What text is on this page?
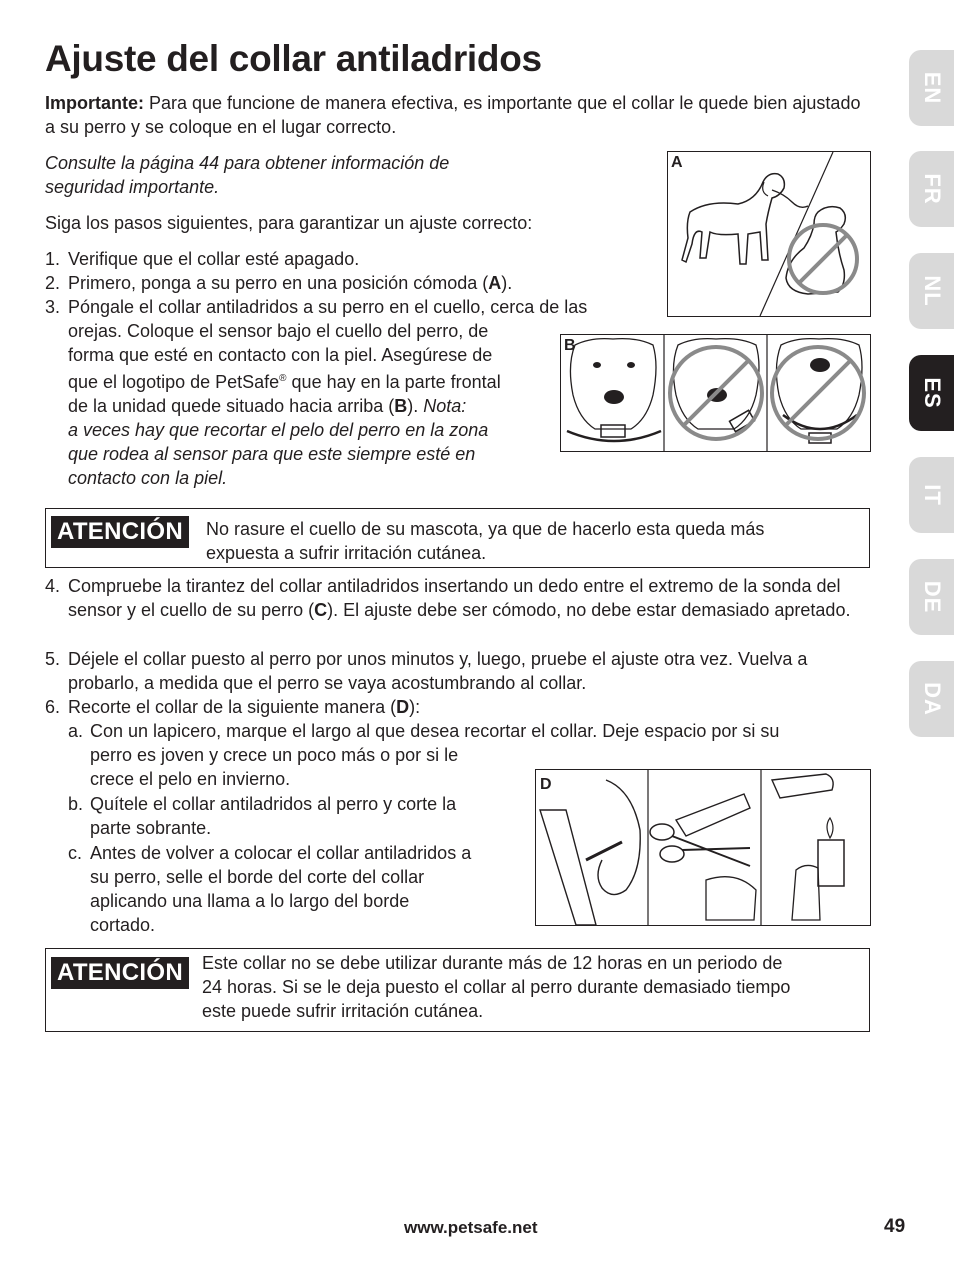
Ajuste del collar antiladridos
Importante: Para que funcione de manera efectiva, es importante que el collar le quede bien ajustado a su perro y se coloque en el lugar correcto.
Consulte la página 44 para obtener información de seguridad importante.
Siga los pasos siguientes, para garantizar un ajuste correcto:
1. Verifique que el collar esté apagado.
2. Primero, ponga a su perro en una posición cómoda (A).
3. Póngale el collar antiladridos a su perro en el cuello, cerca de las
orejas. Coloque el sensor bajo el cuello del perro, de
forma que esté en contacto con la piel. Asegúrese de
que el logotipo de PetSafe® que hay en la parte frontal
de la unidad quede situado hacia arriba (B). Nota:
a veces hay que recortar el pelo del perro en la zona
que rodea al sensor para que este siempre esté en
contacto con la piel.
A
B
ATENCIÓN	No rasure el cuello de su mascota, ya que de hacerlo esta queda más
expuesta a sufrir irritación cutánea.
4. Compruebe la tirantez del collar antiladridos insertando un dedo entre el extremo de la sonda del sensor y el cuello de su perro (C). El ajuste debe ser cómodo, no debe estar demasiado apretado.
5. Déjele el collar puesto al perro por unos minutos y, luego, pruebe el ajuste otra vez. Vuelva a probarlo, a medida que el perro se vaya acostumbrando al collar.
6. Recorte el collar de la siguiente manera (D):
a. Con un lapicero, marque el largo al que desea recortar el collar. Deje espacio por si su
perro es joven y crece un poco más o por si le
crece el pelo en invierno.
b. Quítele el collar antiladridos al perro y corte la
parte sobrante.
c. Antes de volver a colocar el collar antiladridos a
su perro, selle el borde del corte del collar
aplicando una llama a lo largo del borde
cortado.
D
ATENCIÓN	Este collar no se debe utilizar durante más de 12 horas en un periodo de
24 horas. Si se le deja puesto el collar al perro durante demasiado tiempo
este puede sufrir irritación cutánea.
EN
FR
NL
ES
IT
DE
DA
www.petsafe.net	49
